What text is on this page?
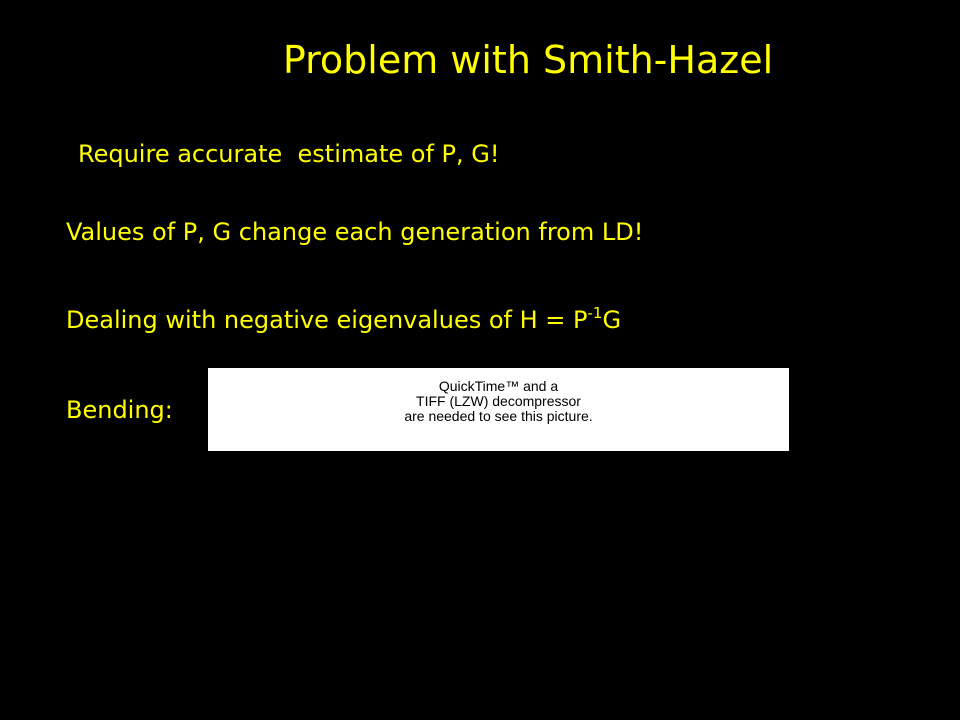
Problem with Smith-Hazel
Require accurate  estimate of P, G!
Values of P, G change each generation from LD!
Dealing with negative eigenvalues of $H = P^{-1}G$
Bending:
QuickTime™ and a
TIFF (LZW) decompressor
are needed to see this picture.
